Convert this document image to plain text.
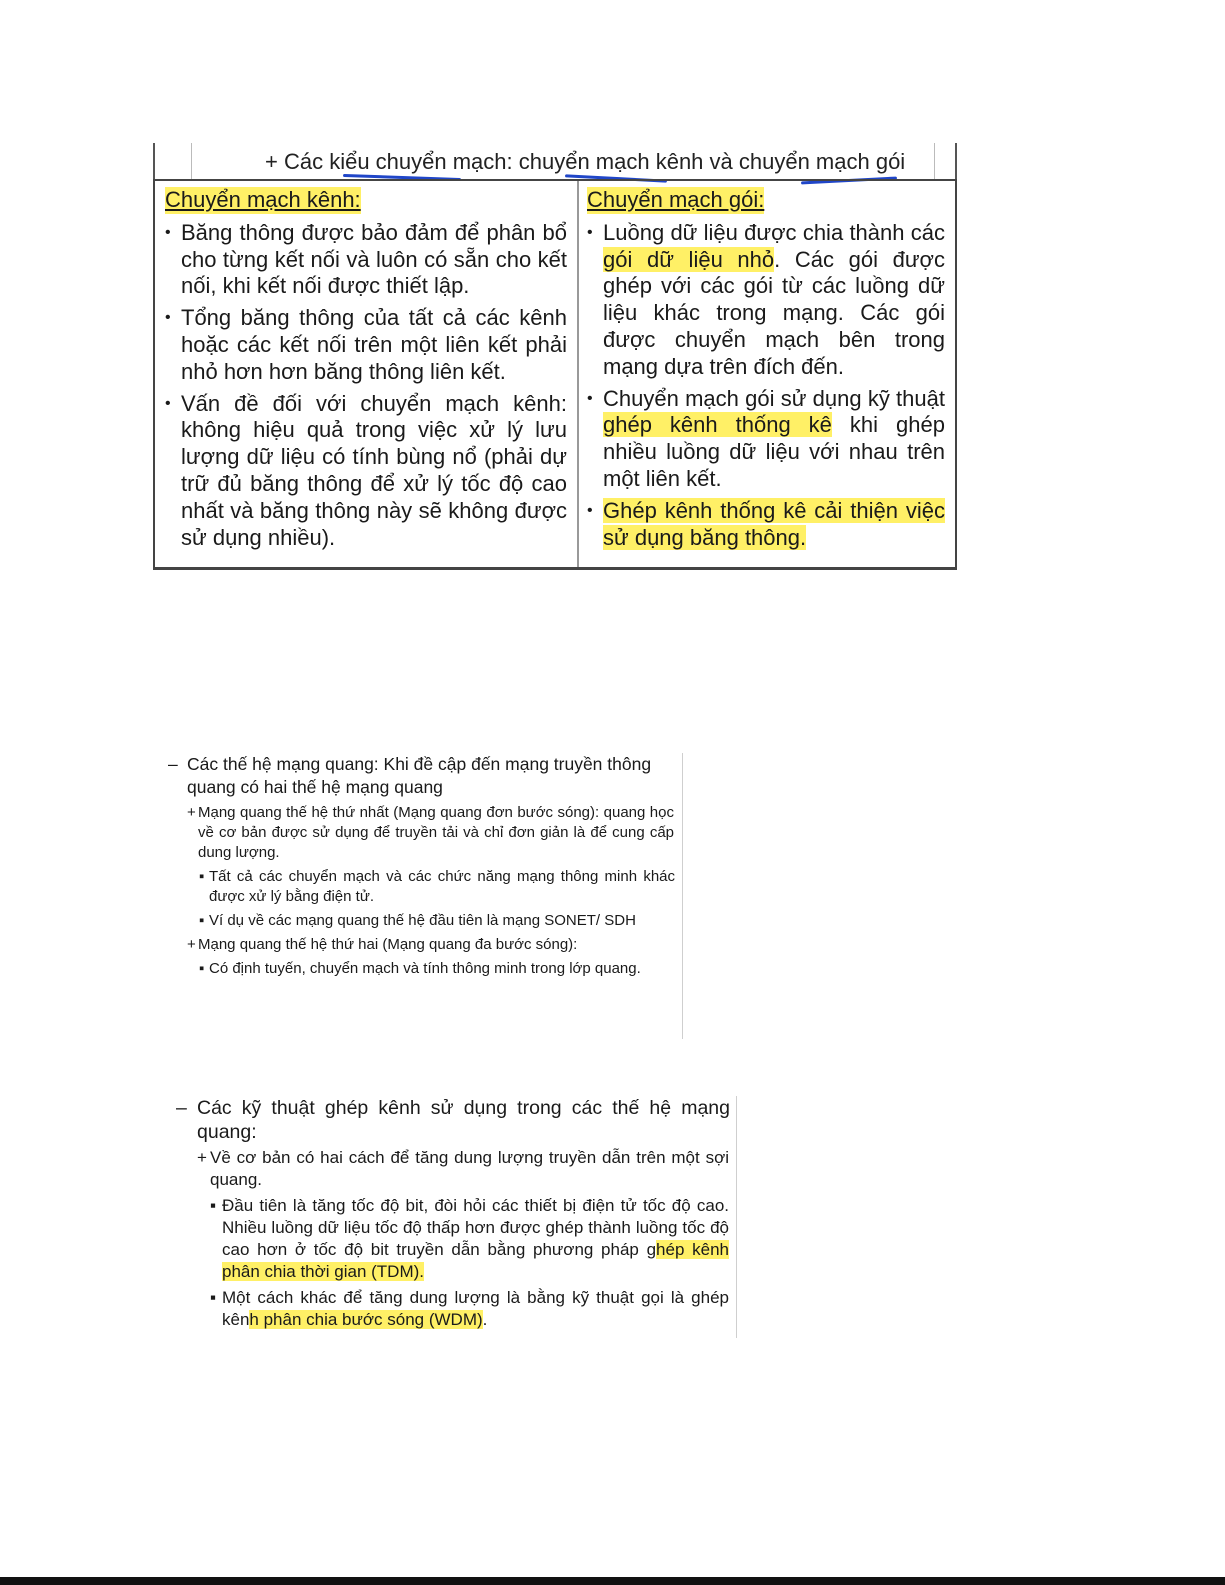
+ Các kiểu chuyển mạch: chuyển mạch kênh và chuyển mạch gói
Chuyển mạch kênh:
• Băng thông được bảo đảm để phân bổ cho từng kết nối và luôn có sẵn cho kết nối, khi kết nối được thiết lập.
• Tổng băng thông của tất cả các kênh hoặc các kết nối trên một liên kết phải nhỏ hơn hơn băng thông liên kết.
• Vấn đề đối với chuyển mạch kênh: không hiệu quả trong việc xử lý lưu lượng dữ liệu có tính bùng nổ (phải dự trữ đủ băng thông để xử lý tốc độ cao nhất và băng thông này sẽ không được sử dụng nhiều).
Chuyển mạch gói:
• Luồng dữ liệu được chia thành các gói dữ liệu nhỏ. Các gói được ghép với các gói từ các luồng dữ liệu khác trong mạng. Các gói được chuyển mạch bên trong mạng dựa trên đích đến.
• Chuyển mạch gói sử dụng kỹ thuật ghép kênh thống kê khi ghép nhiều luồng dữ liệu với nhau trên một liên kết.
• Ghép kênh thống kê cải thiện việc sử dụng băng thông.
– Các thế hệ mạng quang: Khi đề cập đến mạng truyền thông quang có hai thế hệ mạng quang
+ Mạng quang thế hệ thứ nhất (Mạng quang đơn bước sóng): quang học về cơ bản được sử dụng để truyền tải và chỉ đơn giản là để cung cấp dung lượng.
▪ Tất cả các chuyển mạch và các chức năng mạng thông minh khác được xử lý bằng điện tử.
▪ Ví dụ về các mạng quang thế hệ đầu tiên là mạng SONET/ SDH
+ Mạng quang thế hệ thứ hai (Mạng quang đa bước sóng):
▪ Có định tuyến, chuyển mạch và tính thông minh trong lớp quang.
– Các kỹ thuật ghép kênh sử dụng trong các thế hệ mạng quang:
+ Về cơ bản có hai cách để tăng dung lượng truyền dẫn trên một sợi quang.
▪ Đầu tiên là tăng tốc độ bit, đòi hỏi các thiết bị điện tử tốc độ cao. Nhiều luồng dữ liệu tốc độ thấp hơn được ghép thành luồng tốc độ cao hơn ở tốc độ bit truyền dẫn bằng phương pháp ghép kênh phân chia thời gian (TDM).
▪ Một cách khác để tăng dung lượng là bằng kỹ thuật gọi là ghép kênh phân chia bước sóng (WDM).
